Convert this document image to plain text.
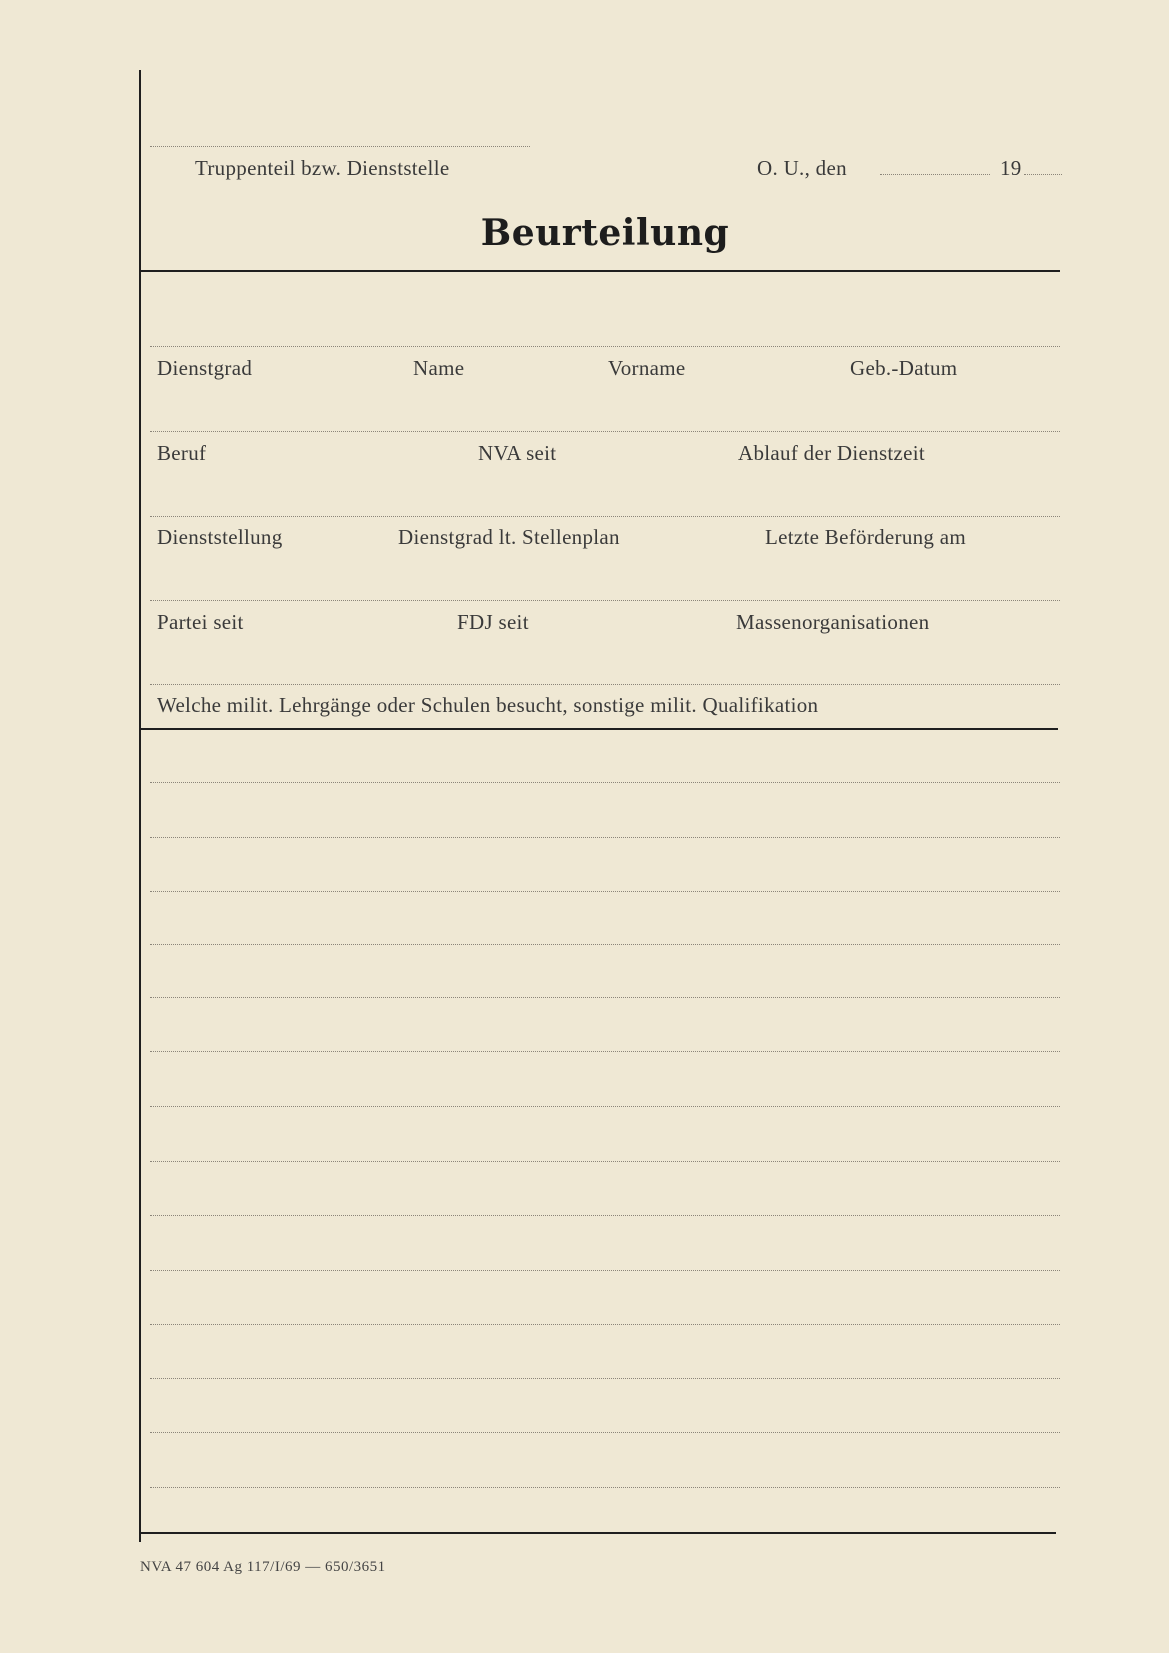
Truppenteil bzw. Dienststelle	O. U., den	19
Beurteilung
Dienstgrad	Name	Vorname	Geb.-Datum
Beruf	NVA seit	Ablauf der Dienstzeit
Dienststellung	Dienstgrad lt. Stellenplan	Letzte Beförderung am
Partei seit	FDJ seit	Massenorganisationen
Welche milit. Lehrgänge oder Schulen besucht, sonstige milit. Qualifikation
NVA 47 604 Ag 117/I/69 — 650/3651
